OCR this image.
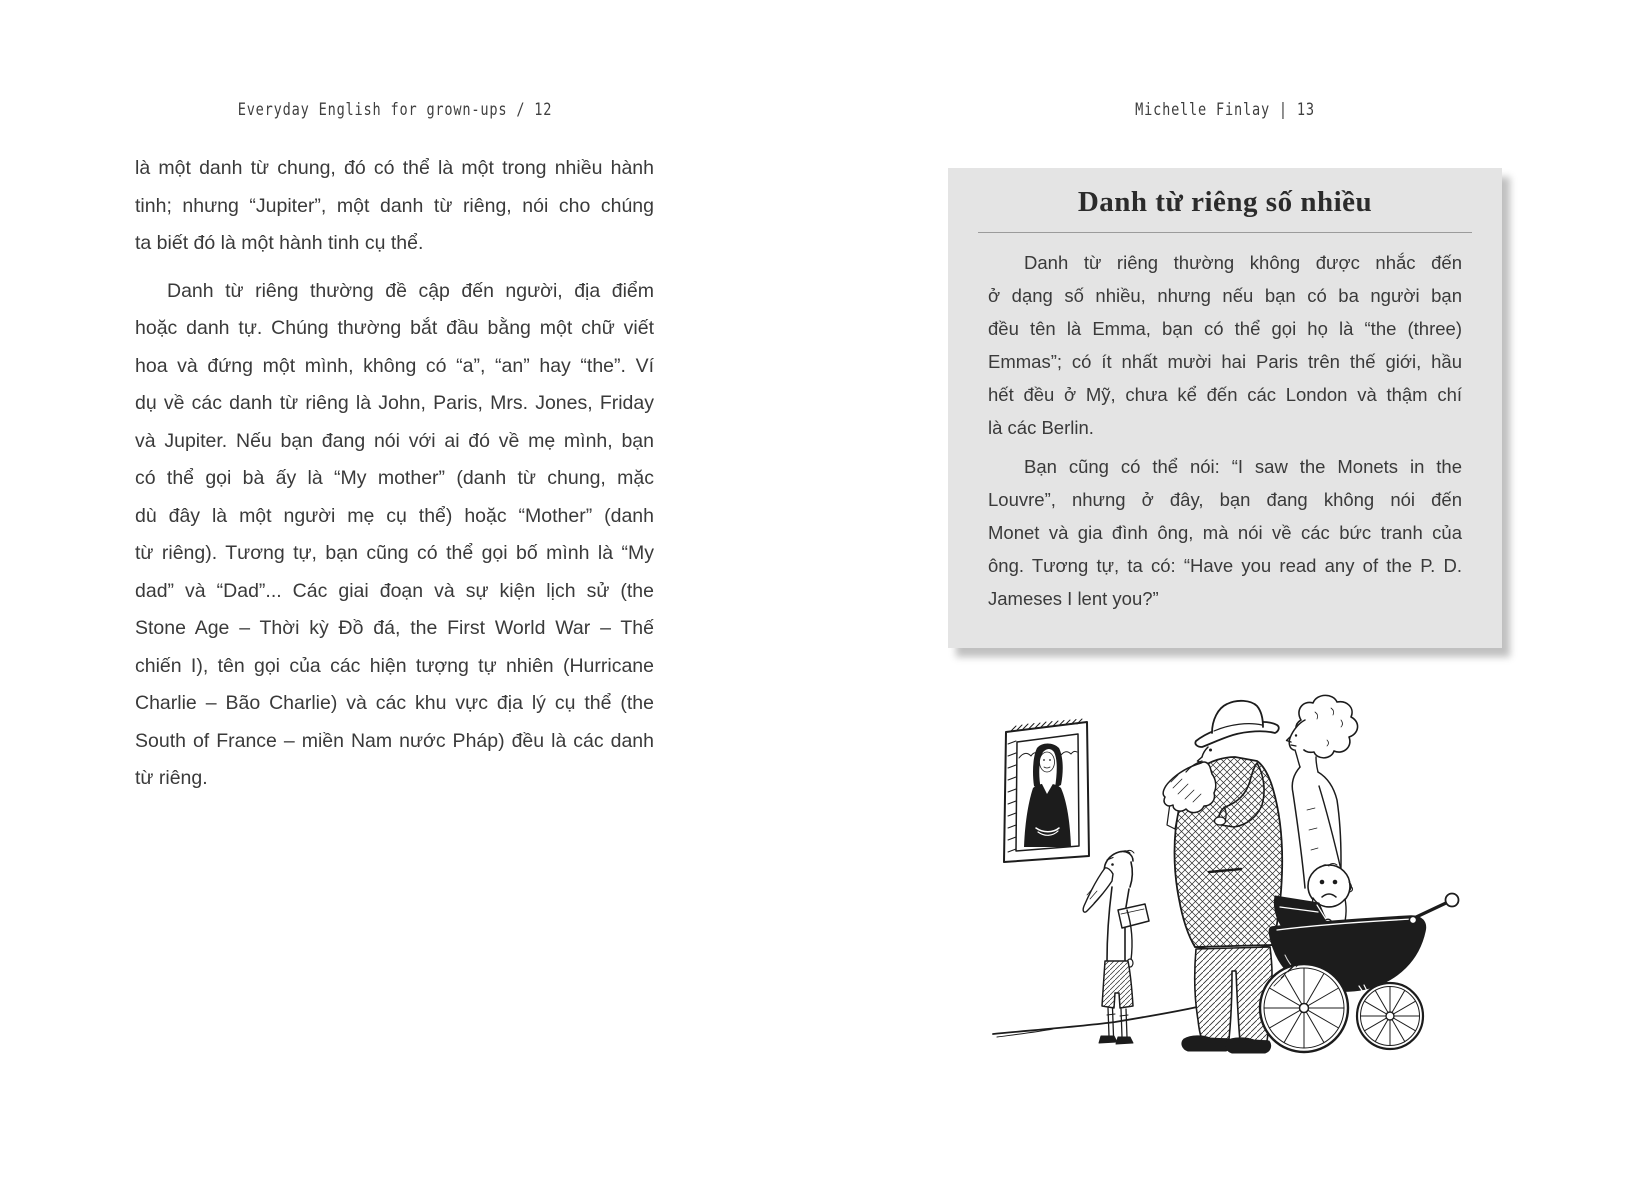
Everyday English for grown-ups / 12	Michelle Finlay | 13
là một danh từ chung, đó có thể là một trong nhiều hành
tinh; nhưng “Jupiter”, một danh từ riêng, nói cho chúng
ta biết đó là một hành tinh cụ thể.
Danh từ riêng thường đề cập đến người, địa điểm
hoặc danh tự. Chúng thường bắt đầu bằng một chữ viết
hoa và đứng một mình, không có “a”, “an” hay “the”. Ví
dụ về các danh từ riêng là John, Paris, Mrs. Jones, Friday
và Jupiter. Nếu bạn đang nói với ai đó về mẹ mình, bạn
có thể gọi bà ấy là “My mother” (danh từ chung, mặc
dù đây là một người mẹ cụ thể) hoặc “Mother” (danh
từ riêng). Tương tự, bạn cũng có thể gọi bố mình là “My
dad” và “Dad”... Các giai đoạn và sự kiện lịch sử (the
Stone Age – Thời kỳ Đồ đá, the First World War – Thế
chiến I), tên gọi của các hiện tượng tự nhiên (Hurricane
Charlie – Bão Charlie) và các khu vực địa lý cụ thể (the
South of France – miền Nam nước Pháp) đều là các danh
từ riêng.
Danh từ riêng số nhiều
Danh từ riêng thường không được nhắc đến
ở dạng số nhiều, nhưng nếu bạn có ba người bạn
đều tên là Emma, bạn có thể gọi họ là “the (three)
Emmas”; có ít nhất mười hai Paris trên thế giới, hầu
hết đều ở Mỹ, chưa kể đến các London và thậm chí
là các Berlin.
Bạn cũng có thể nói: “I saw the Monets in the
Louvre”, nhưng ở đây, bạn đang không nói đến
Monet và gia đình ông, mà nói về các bức tranh của
ông. Tương tự, ta có: “Have you read any of the P. D.
Jameses I lent you?”
